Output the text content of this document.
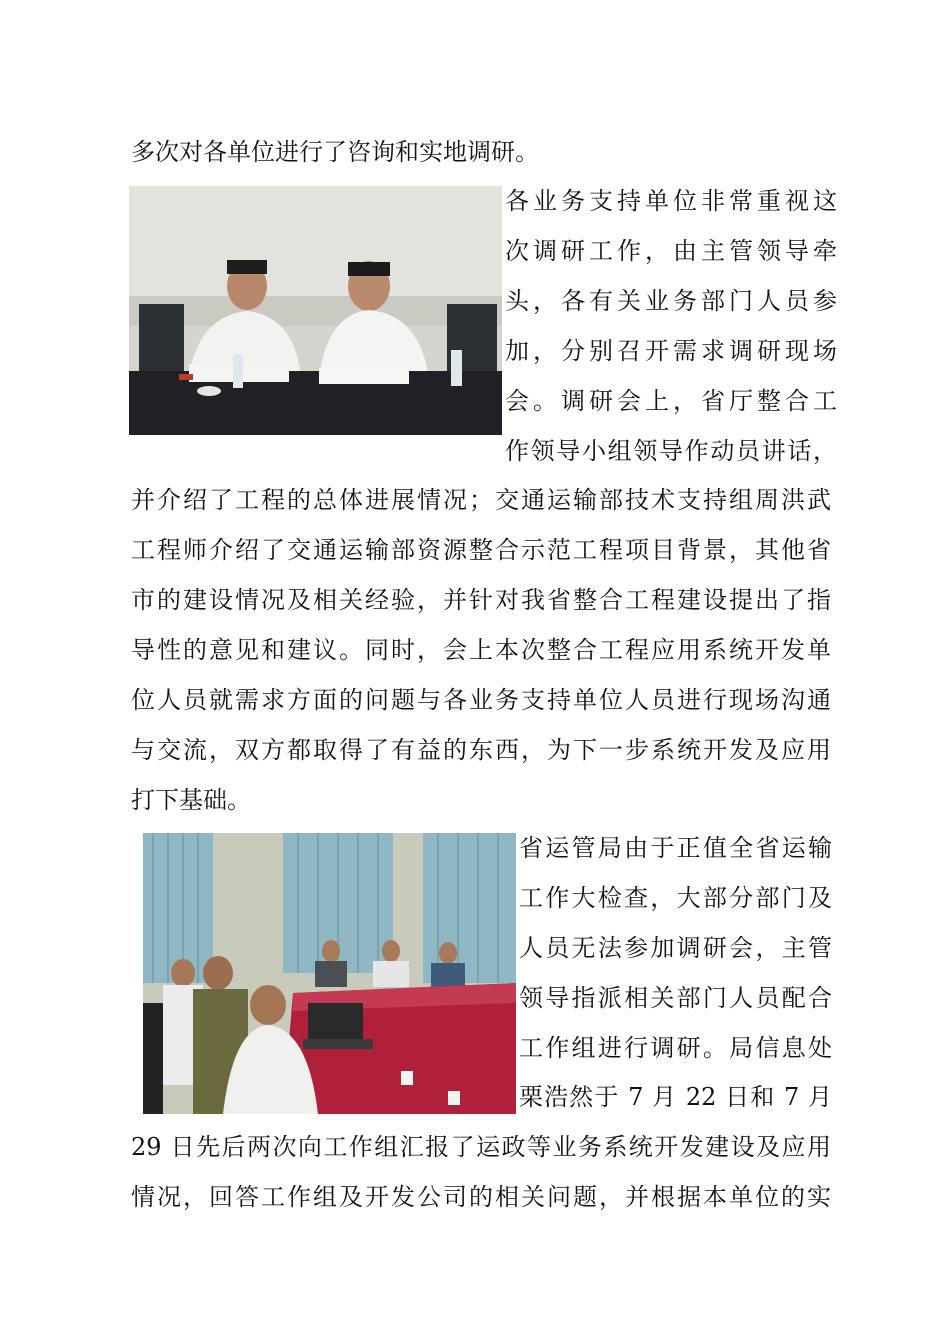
多次对各单位进行了咨询和实地调研。

各业务支持单位非常重视这

次调研工作，由主管领导牵

头，各有关业务部门人员参

加，分别召开需求调研现场

会。调研会上，省厅整合工

作领导小组领导作动员讲话，

并介绍了工程的总体进展情况；交通运输部技术支持组周洪武

工程师介绍了交通运输部资源整合示范工程项目背景，其他省

市的建设情况及相关经验，并针对我省整合工程建设提出了指

导性的意见和建议。同时，会上本次整合工程应用系统开发单

位人员就需求方面的问题与各业务支持单位人员进行现场沟通

与交流，双方都取得了有益的东西，为下一步系统开发及应用

打下基础。

省运管局由于正值全省运输

工作大检查，大部分部门及

人员无法参加调研会，主管

领导指派相关部门人员配合

工作组进行调研。局信息处

栗浩然于 7 月 22 日和 7 月

29 日先后两次向工作组汇报了运政等业务系统开发建设及应用

情况，回答工作组及开发公司的相关问题，并根据本单位的实
